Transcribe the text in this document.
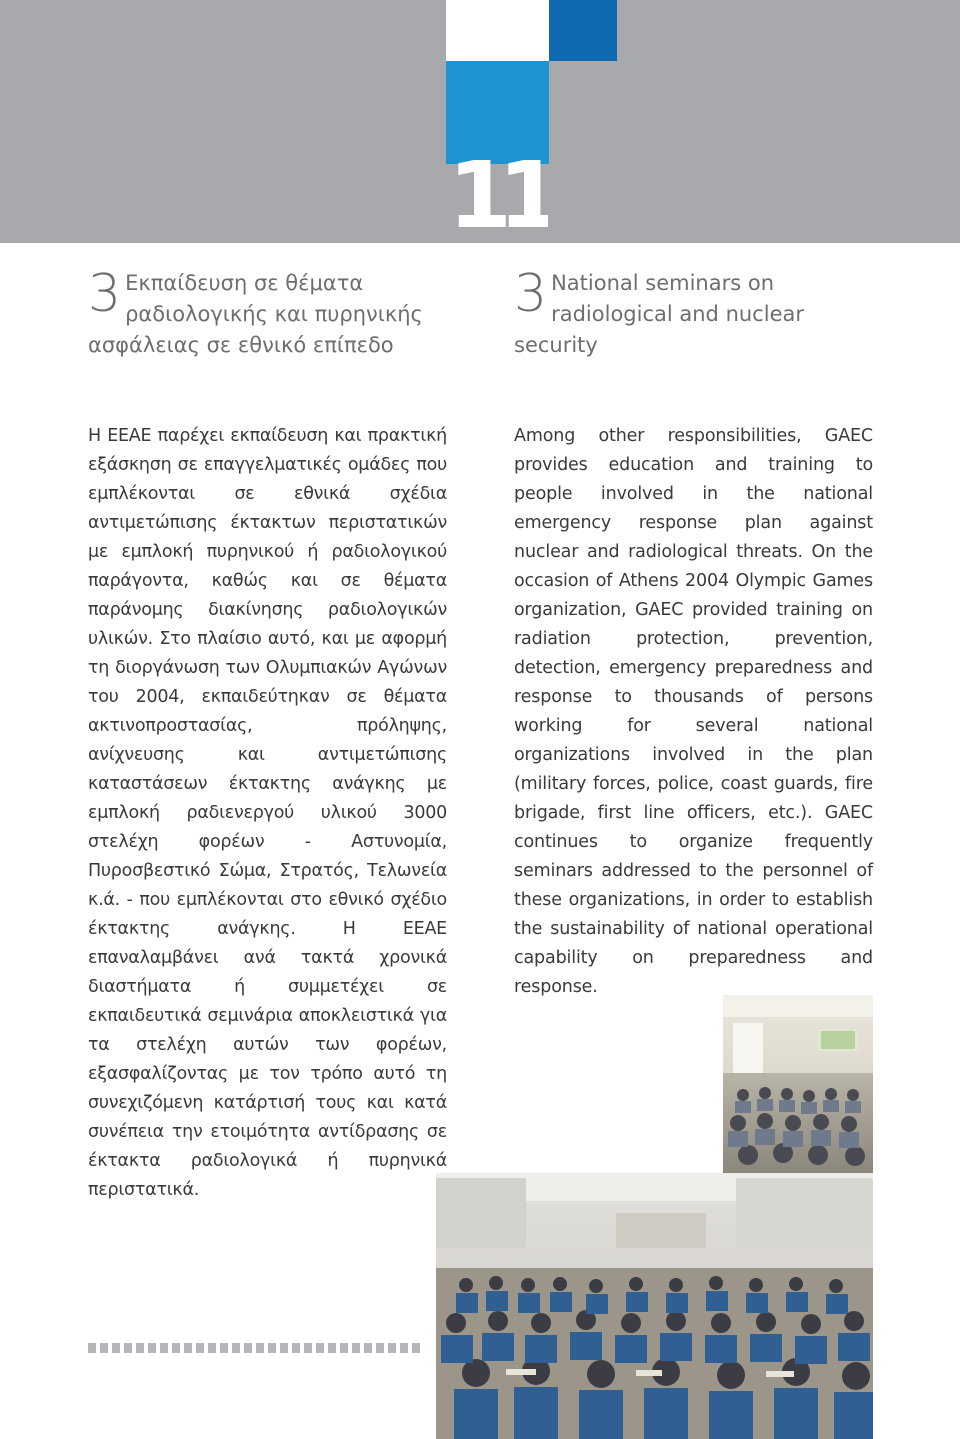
11
3 Εκπαίδευση σε θέματα
ραδιολογικής και πυρηνικής
ασφάλειας σε εθνικό επίπεδο
3 National seminars on
radiological and nuclear
security
Η ΕΕΑΕ παρέχει εκπαίδευση και πρακτική εξάσκηση σε επαγγελματικές ομάδες που εμπλέκονται σε εθνικά σχέδια αντιμετώπισης έκτακτων περιστατικών με εμπλοκή πυρηνικού ή ραδιολογικού παράγοντα, καθώς και σε θέματα παράνομης διακίνησης ραδιολογικών υλικών. Στο πλαίσιο αυτό, και με αφορμή τη διοργάνωση των Ολυμπιακών Αγώνων του 2004, εκπαιδεύτηκαν σε θέματα ακτινοπροστασίας, πρόληψης, ανίχνευσης και αντιμετώπισης καταστάσεων έκτακτης ανάγκης με εμπλοκή ραδιενεργού υλικού 3000 στελέχη φορέων - Αστυνομία, Πυροσβεστικό Σώμα, Στρατός, Τελωνεία κ.ά. - που εμπλέκονται στο εθνικό σχέδιο έκτακτης ανάγκης. Η ΕΕΑΕ επαναλαμβάνει ανά τακτά χρονικά διαστήματα ή συμμετέχει σε εκπαιδευτικά σεμινάρια αποκλειστικά για τα στελέχη αυτών των φορέων, εξασφαλίζοντας με τον τρόπο αυτό τη συνεχιζόμενη κατάρτισή τους και κατά συνέπεια την ετοιμότητα αντίδρασης σε έκτακτα ραδιολογικά ή πυρηνικά περιστατικά.
Among other responsibilities, GAEC provides education and training to people involved in the national emergency response plan against nuclear and radiological threats. On the occasion of Athens 2004 Olympic Games organization, GAEC provided training on radiation protection, prevention, detection, emergency preparedness and response to thousands of persons working for several national organizations involved in the plan (military forces, police, coast guards, fire brigade, first line officers, etc.). GAEC continues to organize frequently seminars addressed to the personnel of these organizations, in order to establish the sustainability of national operational capability on preparedness and response.
